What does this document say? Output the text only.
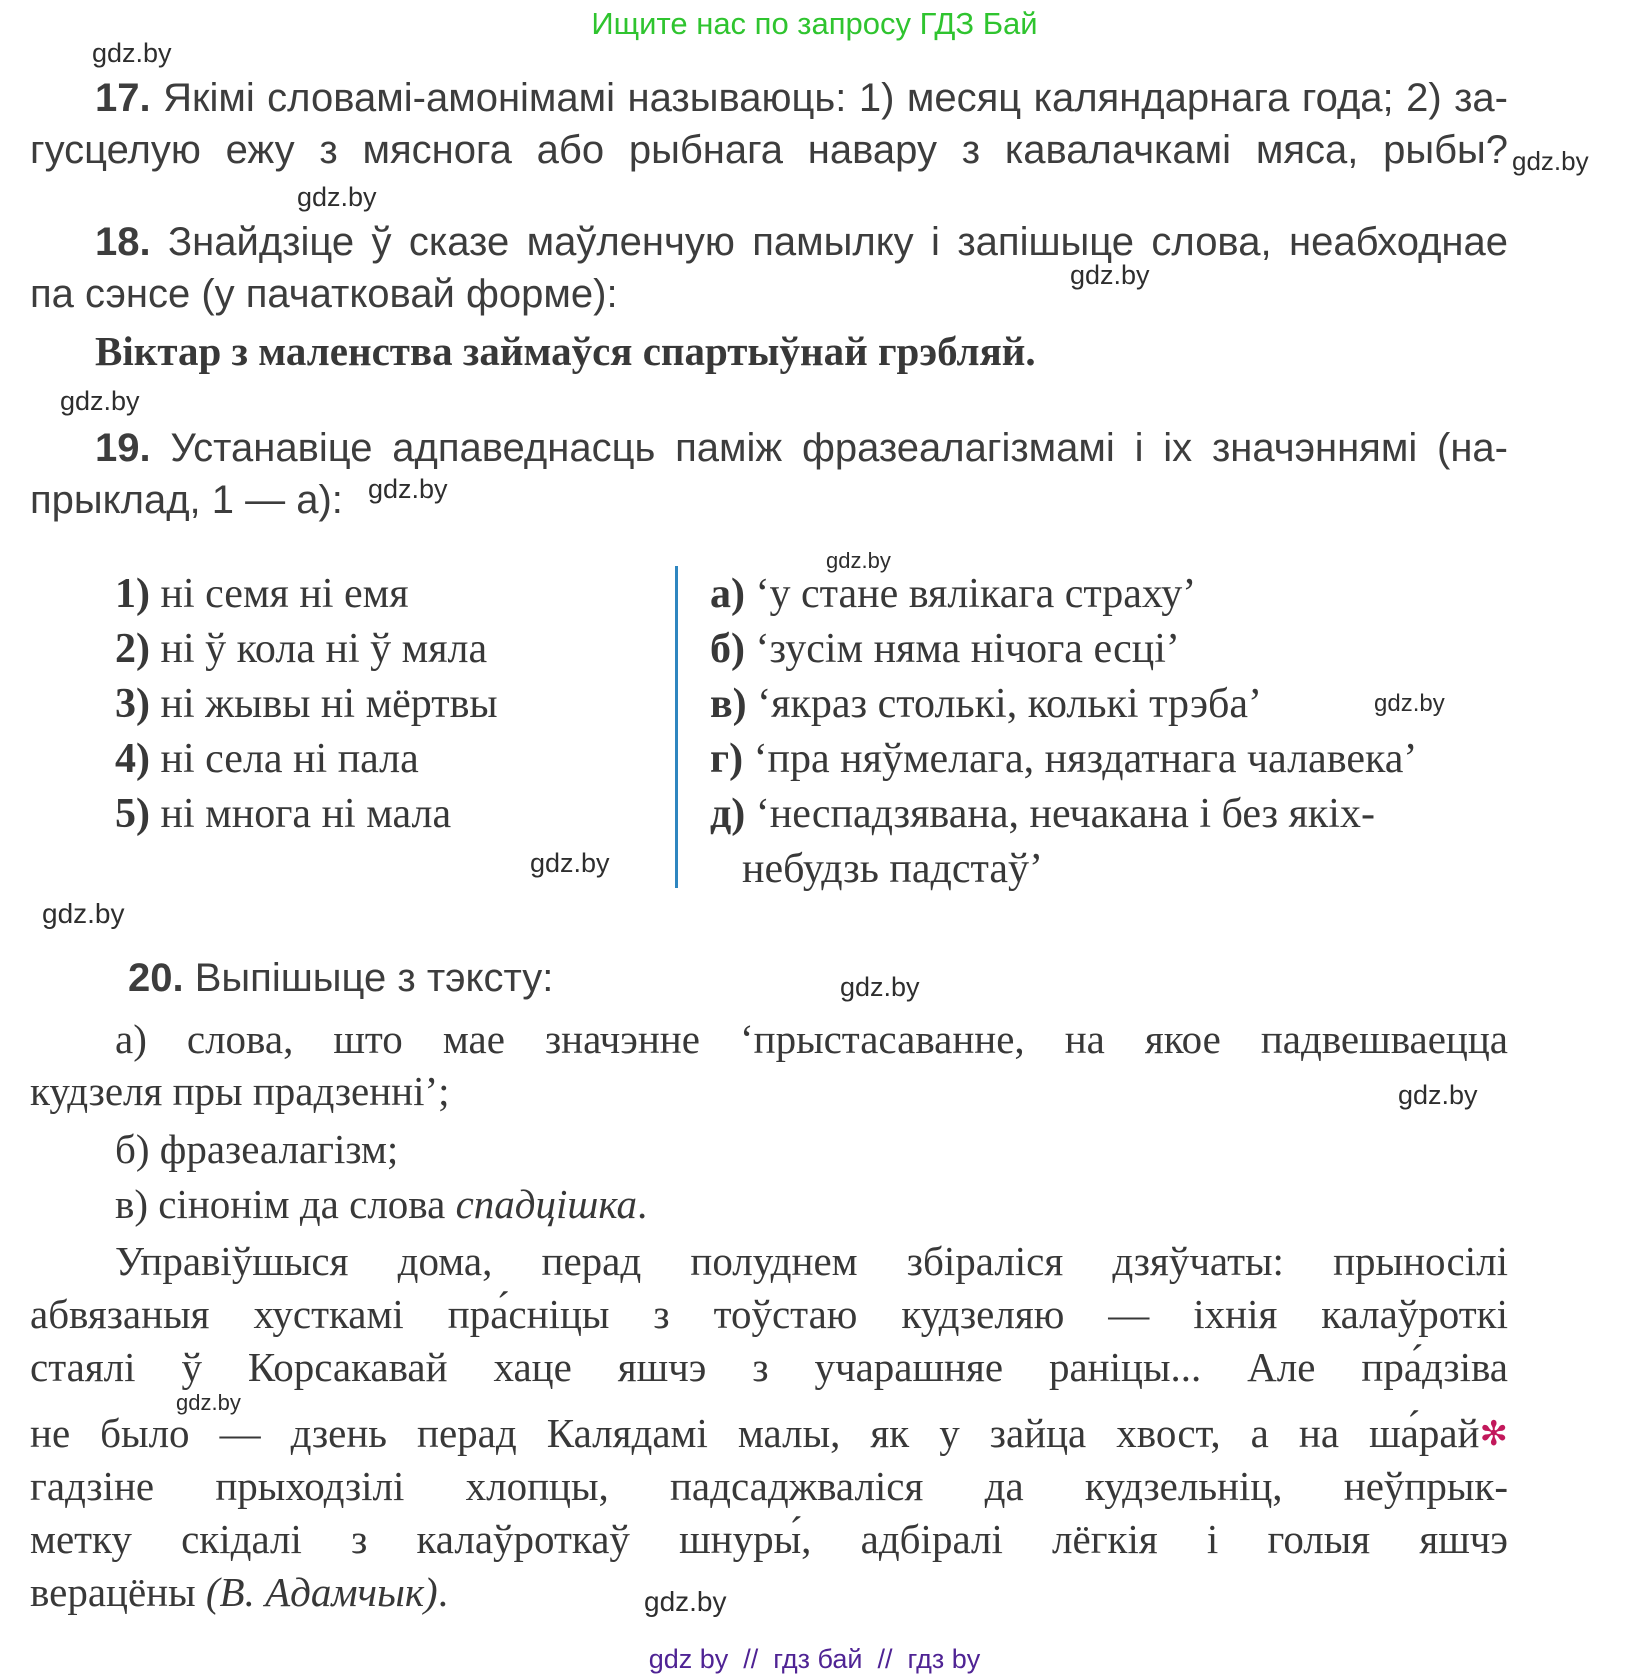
Ищите нас по запросу ГДЗ Бай
gdz.by
gdz.by
gdz.by
gdz.by
gdz.by
gdz.by
gdz.by
gdz.by
gdz.by
gdz.by
gdz.by
gdz.by
gdz.by
gdz.by
17. Якімі словамі-амонімамі называюць: 1) месяц каляндарнага года; 2) за-
гусцелую ежу з мяснога або рыбнага навару з кавалачкамі мяса, рыбы?
18. Знайдзіце ў сказе маўленчую памылку і запішыце слова, неабходнае
па сэнсе (у пачатковай форме):
Віктар з маленства займаўся спартыўнай грэбляй.
19. Устанавіце адпаведнасць паміж фразеалагізмамі і іх значэннямі (на-
прыклад, 1 — а):
1) ні семя ні емя
2) ні ў кола ні ў мяла
3) ні жывы ні мёртвы
4) ні села ні пала
5) ні многа ні мала
а) ‘у стане вялікага страху’
б) ‘зусім няма нічога есці’
в) ‘якраз столькі, колькі трэба’
г) ‘пра няўмелага, няздатнага чалавека’
д) ‘неспадзявана, нечакана і без якіх-
небудзь падстаў’
20. Выпішыце з тэксту:
а) слова, што мае значэнне ‘прыстасаванне, на якое падвешваецца
кудзеля пры прадзенні’;
б) фразеалагізм;
в) сінонім да слова спадцішка.
Управіўшыся дома, перад полуднем збіраліся дзяўчаты: прыносілі
абвязаныя хусткамі пра́сніцы з тоўстаю кудзеляю — іхнія калаўроткі
стаялі ў Корсакавай хаце яшчэ з учарашняе раніцы... Але пра́дзіва
не было — дзень перад Калядамі малы, як у зайца хвост, а на ша́рай✻
гадзіне прыходзілі хлопцы, падсаджваліся да кудзельніц, неўпрык-
метку скідалі з калаўроткаў шнуры́, адбіралі лёгкія і голыя яшчэ
верацёны (В. Адамчык).
gdz by  //  гдз бай  //  гдз by
